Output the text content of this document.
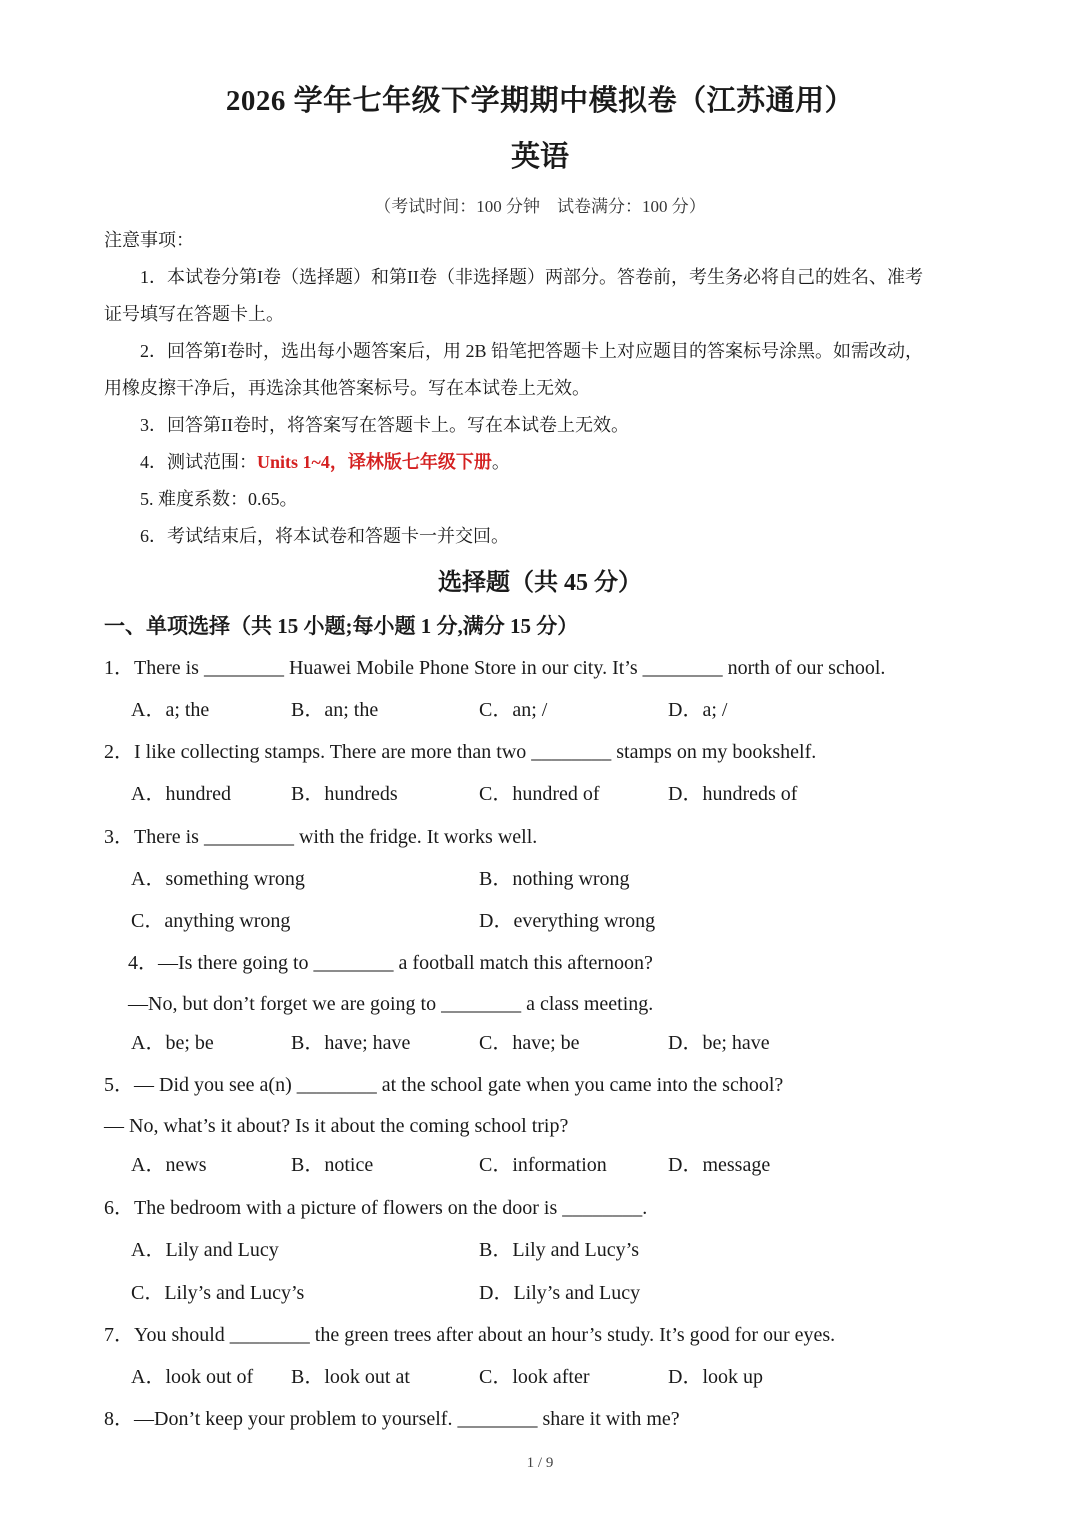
2026 学年七年级下学期期中模拟卷（江苏通用）
英语
（考试时间：100 分钟　试卷满分：100 分）
注意事项：
1．本试卷分第I卷（选择题）和第II卷（非选择题）两部分。答卷前，考生务必将自己的姓名、准考
证号填写在答题卡上。
2．回答第I卷时，选出每小题答案后，用 2B 铅笔把答题卡上对应题目的答案标号涂黑。如需改动，
用橡皮擦干净后，再选涂其他答案标号。写在本试卷上无效。
3．回答第II卷时，将答案写在答题卡上。写在本试卷上无效。
4．测试范围：Units 1~4，译林版七年级下册。
5. 难度系数：0.65。
6．考试结束后，将本试卷和答题卡一并交回。
选择题（共 45 分）
一、单项选择（共 15 小题;每小题 1 分,满分 15 分）
1．There is ________ Huawei Mobile Phone Store in our city. It’s ________ north of our school.
A．a; the	B．an; the	C．an; /	D．a; /
2．I like collecting stamps. There are more than two ________ stamps on my bookshelf.
A．hundred	B．hundreds	C．hundred of	D．hundreds of
3．There is _________ with the fridge. It works well.
A．something wrong	B．nothing wrong
C．anything wrong	D．everything wrong
4．—Is there going to ________ a football match this afternoon?
—No, but don’t forget we are going to ________ a class meeting.
A．be; be	B．have; have	C．have; be	D．be; have
5．— Did you see a(n) ________ at the school gate when you came into the school?
— No, what’s it about? Is it about the coming school trip?
A．news	B．notice	C．information	D．message
6．The bedroom with a picture of flowers on the door is ________.
A．Lily and Lucy	B．Lily and Lucy’s
C．Lily’s and Lucy’s	D．Lily’s and Lucy
7．You should ________ the green trees after about an hour’s study. It’s good for our eyes.
A．look out of B．look out at	C．look after	D．look up
8．—Don’t keep your problem to yourself. ________ share it with me?
1 / 9
